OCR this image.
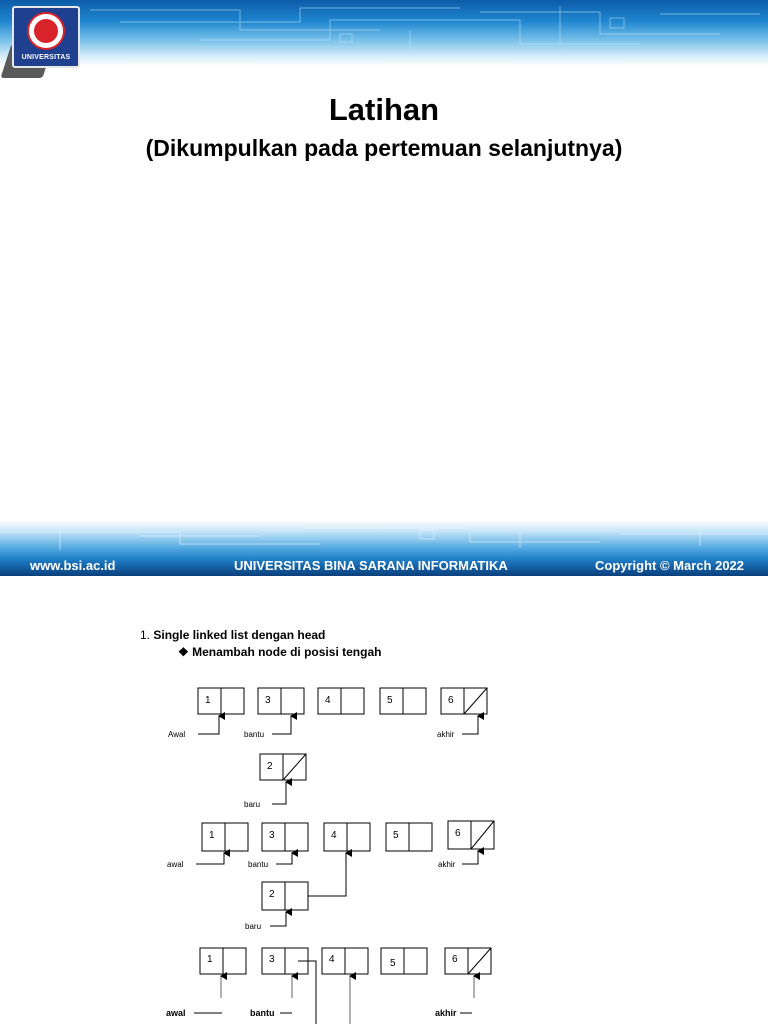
UNIVERSITAS
Latihan
(Dikumpulkan pada pertemuan selanjutnya)
www.bsi.ac.id	UNIVERSITAS BINA SARANA INFORMATIKA	Copyright © March 2022
1. Single linked list dengan head
❖ Menambah node di posisi tengah
1	3	4	5	6
2
Awal	bantu	akhir
baru
1	3	4	5	6
2
awal	bantu	akhir
baru
1	3	4	5	6
awal	bantu	akhir
